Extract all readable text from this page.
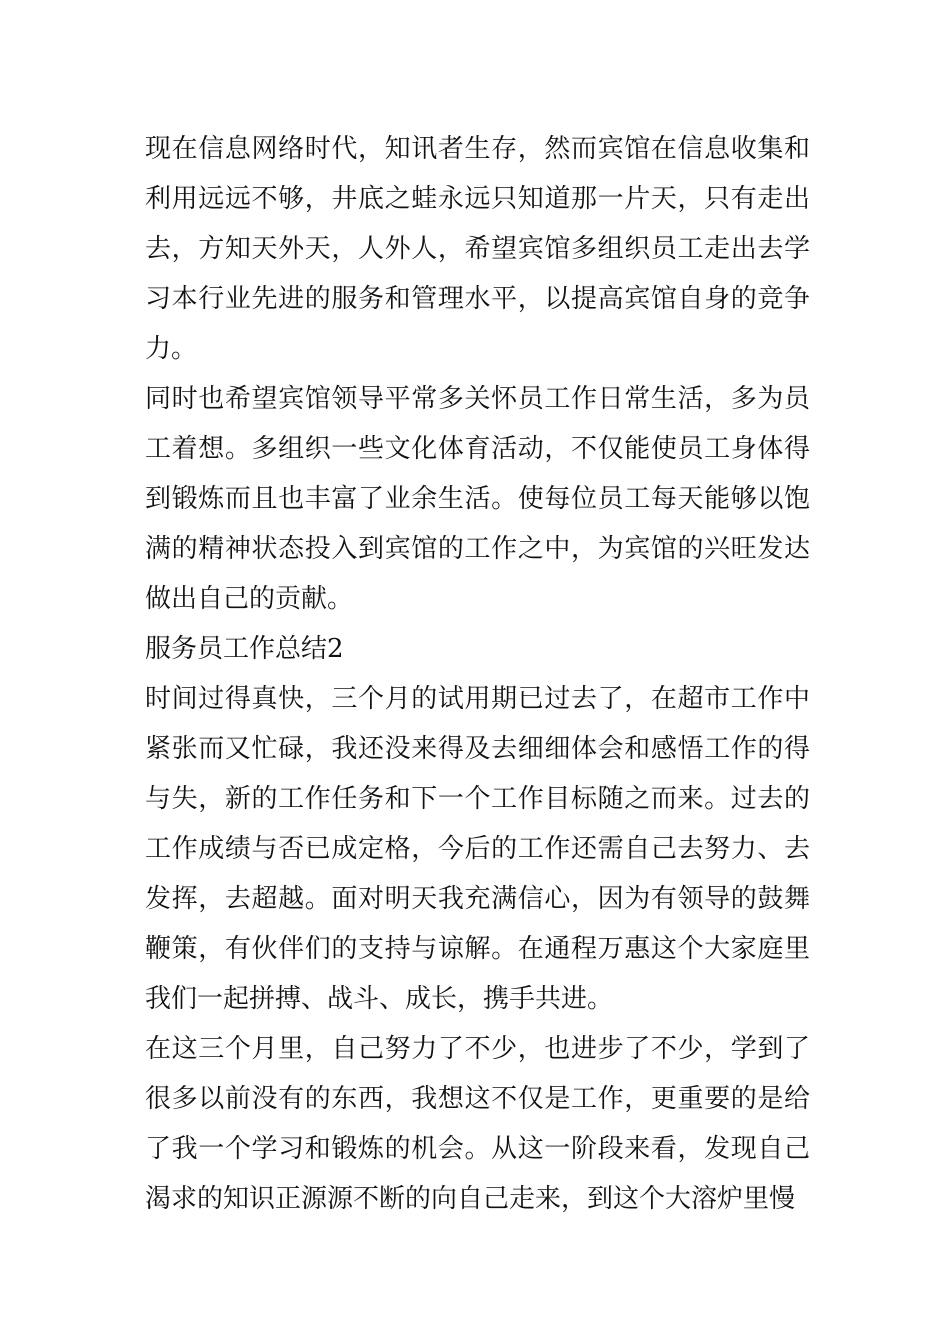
现在信息网络时代，知讯者生存，然而宾馆在信息收集和利用远远不够，井底之蛙永远只知道那一片天，只有走出去，方知天外天，人外人，希望宾馆多组织员工走出去学习本行业先进的服务和管理水平，以提高宾馆自身的竞争力。

同时也希望宾馆领导平常多关怀员工作日常生活，多为员工着想。多组织一些文化体育活动，不仅能使员工身体得到锻炼而且也丰富了业余生活。使每位员工每天能够以饱满的精神状态投入到宾馆的工作之中，为宾馆的兴旺发达做出自己的贡献。

服务员工作总结2

时间过得真快，三个月的试用期已过去了，在超市工作中紧张而又忙碌，我还没来得及去细细体会和感悟工作的得与失，新的工作任务和下一个工作目标随之而来。过去的工作成绩与否已成定格，今后的工作还需自己去努力、去发挥，去超越。面对明天我充满信心，因为有领导的鼓舞鞭策，有伙伴们的支持与谅解。在通程万惠这个大家庭里我们一起拼搏、战斗、成长，携手共进。

在这三个月里，自己努力了不少，也进步了不少，学到了很多以前没有的东西，我想这不仅是工作，更重要的是给了我一个学习和锻炼的机会。从这一阶段来看，发现自己渴求的知识正源源不断的向自己走来，到这个大溶炉里慢
